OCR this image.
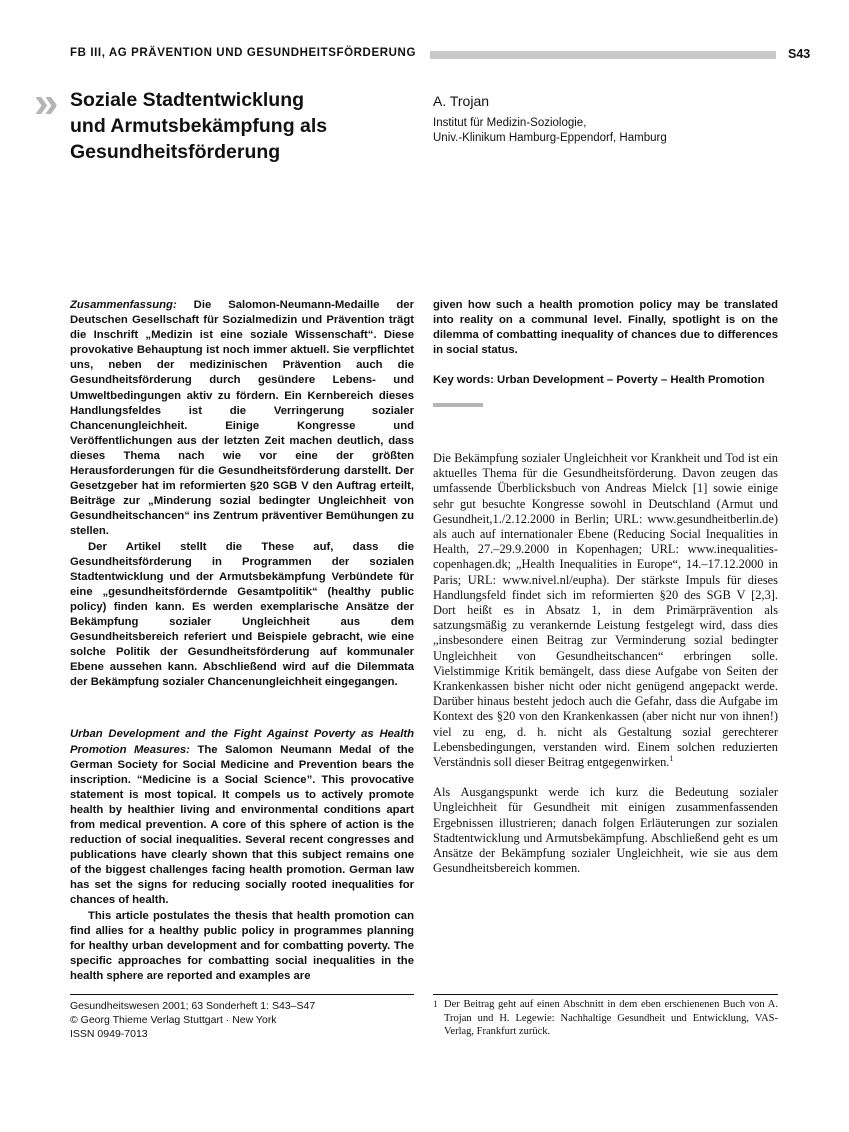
FB III, AG PRÄVENTION UND GESUNDHEITSFÖRDERUNG	S43
» Soziale Stadtentwicklung
und Armutsbekämpfung als
Gesundheitsförderung
A. Trojan
Institut für Medizin-Soziologie,
Univ.-Klinikum Hamburg-Eppendorf, Hamburg

Zusammenfassung: Die Salomon-Neumann-Medaille der Deutschen Gesellschaft für Sozialmedizin und Prävention trägt die Inschrift „Medizin ist eine soziale Wissenschaft“. Diese provokative Behauptung ist noch immer aktuell. Sie verpflichtet uns, neben der medizinischen Prävention auch die Gesundheitsförderung durch gesündere Lebens- und Umweltbedingungen aktiv zu fördern. Ein Kernbereich dieses Handlungsfeldes ist die Verringerung sozialer Chancenungleichheit. Einige Kongresse und Veröffentlichungen aus der letzten Zeit machen deutlich, dass dieses Thema nach wie vor eine der größten Herausforderungen für die Gesundheitsförderung darstellt. Der Gesetzgeber hat im reformierten §20 SGB V den Auftrag erteilt, Beiträge zur „Minderung sozial bedingter Ungleichheit von Gesundheitschancen“ ins Zentrum präventiver Bemühungen zu stellen.

Der Artikel stellt die These auf, dass die Gesundheitsförderung in Programmen der sozialen Stadtentwicklung und der Armutsbekämpfung Verbündete für eine „gesundheitsfördernde Gesamtpolitik“ (healthy public policy) finden kann. Es werden exemplarische Ansätze der Bekämpfung sozialer Ungleichheit aus dem Gesundheitsbereich referiert und Beispiele gebracht, wie eine solche Politik der Gesundheitsförderung auf kommunaler Ebene aussehen kann. Abschließend wird auf die Dilemmata der Bekämpfung sozialer Chancenungleichheit eingegangen.

Urban Development and the Fight Against Poverty as Health Promotion Measures: The Salomon Neumann Medal of the German Society for Social Medicine and Prevention bears the inscription. “Medicine is a Social Science”. This provocative statement is most topical. It compels us to actively promote health by healthier living and environmental conditions apart from medical prevention. A core of this sphere of action is the reduction of social inequalities. Several recent congresses and publications have clearly shown that this subject remains one of the biggest challenges facing health promotion. German law has set the signs for reducing socially rooted inequalities for chances of health.

This article postulates the thesis that health promotion can find allies for a healthy public policy in programmes planning for healthy urban development and for combatting poverty. The specific approaches for combatting social inequalities in the health sphere are reported and examples are

given how such a health promotion policy may be translated into reality on a communal level. Finally, spotlight is on the dilemma of combatting inequality of chances due to differences in social status.

Key words: Urban Development – Poverty – Health Promotion

Die Bekämpfung sozialer Ungleichheit vor Krankheit und Tod ist ein aktuelles Thema für die Gesundheitsförderung. Davon zeugen das umfassende Überblicksbuch von Andreas Mielck [1] sowie einige sehr gut besuchte Kongresse sowohl in Deutschland (Armut und Gesundheit,1./2.12.2000 in Berlin; URL: www.gesundheitberlin.de) als auch auf internationaler Ebene (Reducing Social Inequalities in Health, 27.–29.9.2000 in Kopenhagen; URL: www.inequalities-copenhagen.dk; „Health Inequalities in Europe“, 14.–17.12.2000 in Paris; URL: www.nivel.nl/eupha). Der stärkste Impuls für dieses Handlungsfeld findet sich im reformierten §20 des SGB V [2,3]. Dort heißt es in Absatz 1, in dem Primärprävention als satzungsmäßig zu verankernde Leistung festgelegt wird, dass dies „insbesondere einen Beitrag zur Verminderung sozial bedingter Ungleichheit von Gesundheitschancen“ erbringen solle. Vielstimmige Kritik bemängelt, dass diese Aufgabe von Seiten der Krankenkassen bisher nicht oder nicht genügend angepackt werde. Darüber hinaus besteht jedoch auch die Gefahr, dass die Aufgabe im Kontext des §20 von den Krankenkassen (aber nicht nur von ihnen!) viel zu eng, d. h. nicht als Gestaltung sozial gerechterer Lebensbedingungen, verstanden wird. Einem solchen reduzierten Verständnis soll dieser Beitrag entgegenwirken.$^1$

Als Ausgangspunkt werde ich kurz die Bedeutung sozialer Ungleichheit für Gesundheit mit einigen zusammenfassenden Ergebnissen illustrieren; danach folgen Erläuterungen zur sozialen Stadtentwicklung und Armutsbekämpfung. Abschließend geht es um Ansätze der Bekämpfung sozialer Ungleichheit, wie sie aus dem Gesundheitsbereich kommen.

Gesundheitswesen 2001; 63 Sonderheft 1: S43–S47
© Georg Thieme Verlag Stuttgart · New York
ISSN 0949-7013
1 Der Beitrag geht auf einen Abschnitt in dem eben erschienenen Buch von A. Trojan und H. Legewie: Nachhaltige Gesundheit und Entwicklung, VAS-Verlag, Frankfurt zurück.
